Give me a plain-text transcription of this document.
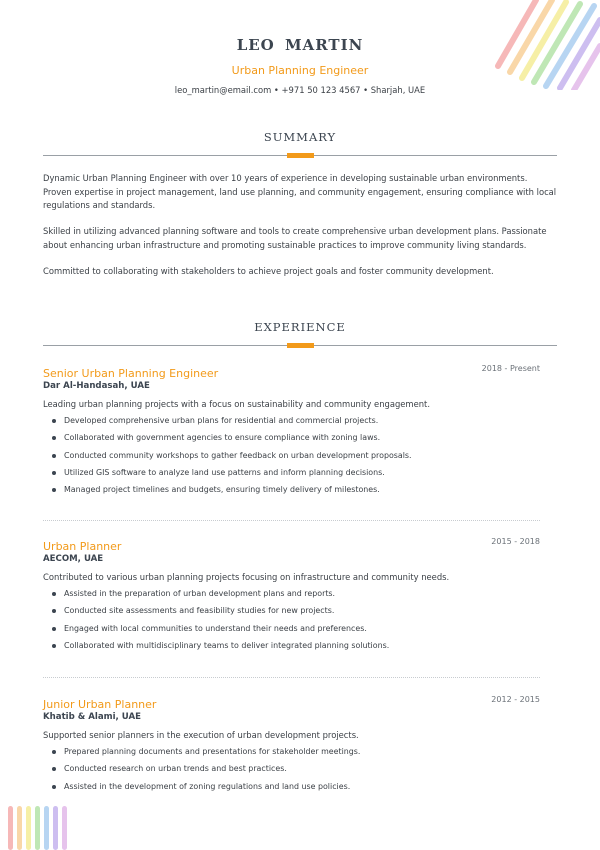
LEO MARTIN
Urban Planning Engineer
leo_martin@email.com • +971 50 123 4567 • Sharjah, UAE
SUMMARY

Dynamic Urban Planning Engineer with over 10 years of experience in developing sustainable urban environments. Proven expertise in project management, land use planning, and community engagement, ensuring compliance with local regulations and standards.

Skilled in utilizing advanced planning software and tools to create comprehensive urban development plans. Passionate about enhancing urban infrastructure and promoting sustainable practices to improve community living standards.

Committed to collaborating with stakeholders to achieve project goals and foster community development.

EXPERIENCE
Senior Urban Planning Engineer	2018 - Present
Dar Al-Handasah, UAE
Leading urban planning projects with a focus on sustainability and community engagement.
Developed comprehensive urban plans for residential and commercial projects.
Collaborated with government agencies to ensure compliance with zoning laws.
Conducted community workshops to gather feedback on urban development proposals.
Utilized GIS software to analyze land use patterns and inform planning decisions.
Managed project timelines and budgets, ensuring timely delivery of milestones.
Urban Planner	2015 - 2018
AECOM, UAE
Contributed to various urban planning projects focusing on infrastructure and community needs.
Assisted in the preparation of urban development plans and reports.
Conducted site assessments and feasibility studies for new projects.
Engaged with local communities to understand their needs and preferences.
Collaborated with multidisciplinary teams to deliver integrated planning solutions.
Junior Urban Planner	2012 - 2015
Khatib & Alami, UAE
Supported senior planners in the execution of urban development projects.
Prepared planning documents and presentations for stakeholder meetings.
Conducted research on urban trends and best practices.
Assisted in the development of zoning regulations and land use policies.
